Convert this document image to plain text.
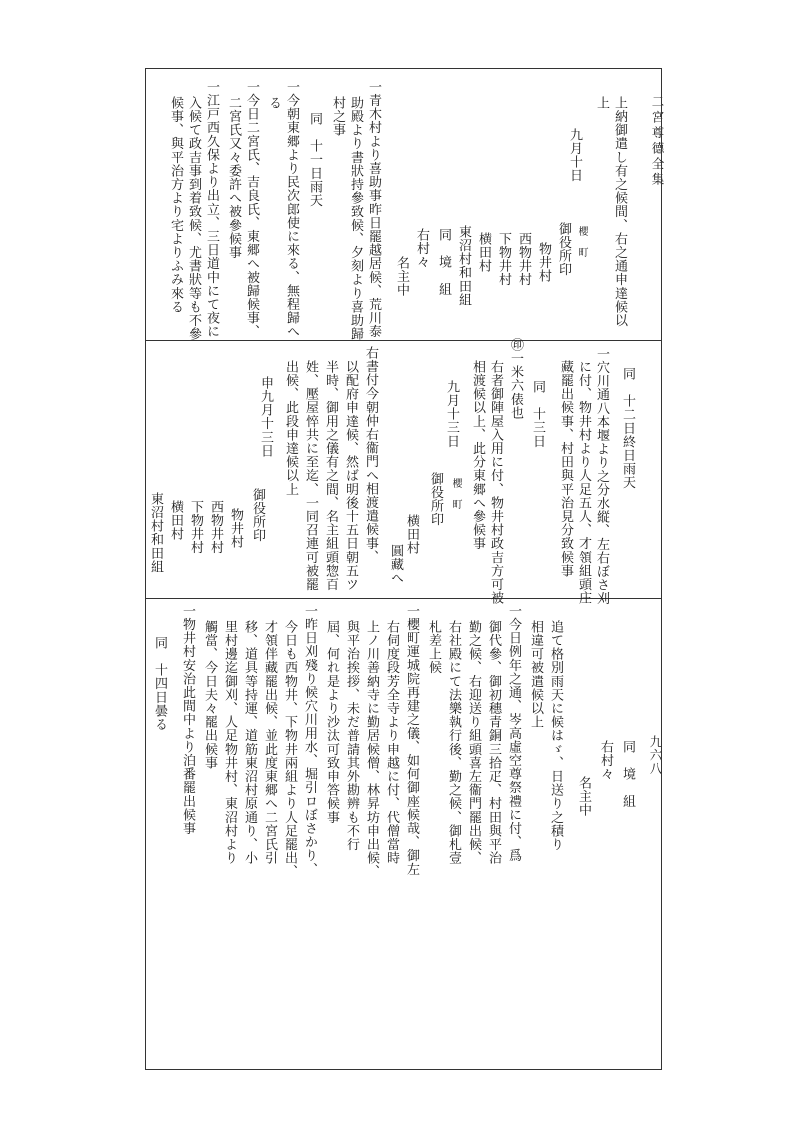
二宮尊德全集
九六八
上納御遣し有之候間、右之通申達候以
上
九月十日
櫻　町
御役所印
物井村
西物井村
下物井村
横田村
東沼村和田組
同　境　組
右村々
名主中
一青木村より喜助事昨日罷越居候、荒川泰
助殿より書狀持參致候、夕刻より喜助歸
村之事
同　十一日雨天
一今朝東郷より民次郎使に來る、無程歸へ
る
一今日二宮氏、吉良氏、東郷へ被歸候事、
二宮氏又々委許へ被參候事
一江戸西久保より出立、三日道中にて夜に
入候て政吉事到着致候、尤書狀等も不參
候事、與平治方より宅よりふみ來る
同　十二日終日雨天
一穴川通八本堰より之分水縦、左右ぼさ刈
に付、物井村より人足五人、才領組頭庄
藏罷出候事、村田與平治見分致候事
同　十三日
㊞一米六俵也
右者御陣屋入用に付、物井村政吉方可被
相渡候以上、此分東郷へ參候事
九月十三日
櫻　町
御役所印
横田村
圓藏へ
右書付今朝仲右衞門へ相渡遣候事、
以配府申達候、然ば明後十五日朝五ツ
半時、御用之儀有之間、名主組頭惣百
姓、壓屋悴共に至迄、一同召連可被罷
出候、此段申達候以上
申九月十三日
御役所印
物井村
西物井村
下物井村
横田村
東沼村和田組
同　境　組
右村々
名主中
追て格別雨天に候はゞ、日送り之積り
相違可被遣候以上
一今日例年之通、岑高虛空尊祭禮に付、爲
御代參、御初穗青銅三拾疋、村田與平治
勤之候、右迎送り組頭喜左衞門罷出候、
右社殿にて法樂執行後、勤之候、御札壹
札差上候
一櫻町運城院再建之儀、如何御座候哉、御左
右伺度段芳全寺より申越に付、代僧當時
上ノ川善納寺に勤居候僧、林昇坊申出候、
與平治挨拶、未だ普請其外勘辨も不行
屆、何れ是より沙汰可致申答候事
一昨日刈殘り候穴川用水、堀引ロぼさかり、
今日も西物井、下物井兩組より人足罷出、
才領伴藏罷出候、並此度東郷へ二宮氏引
移、道具等持運、道筋東沼村原通り、小
里村邊迄御刈、人足物井村、東沼村より
觸當、今日夫々罷出候事
一物井村安治此間中より泊番罷出候事
同　十四日曇る
